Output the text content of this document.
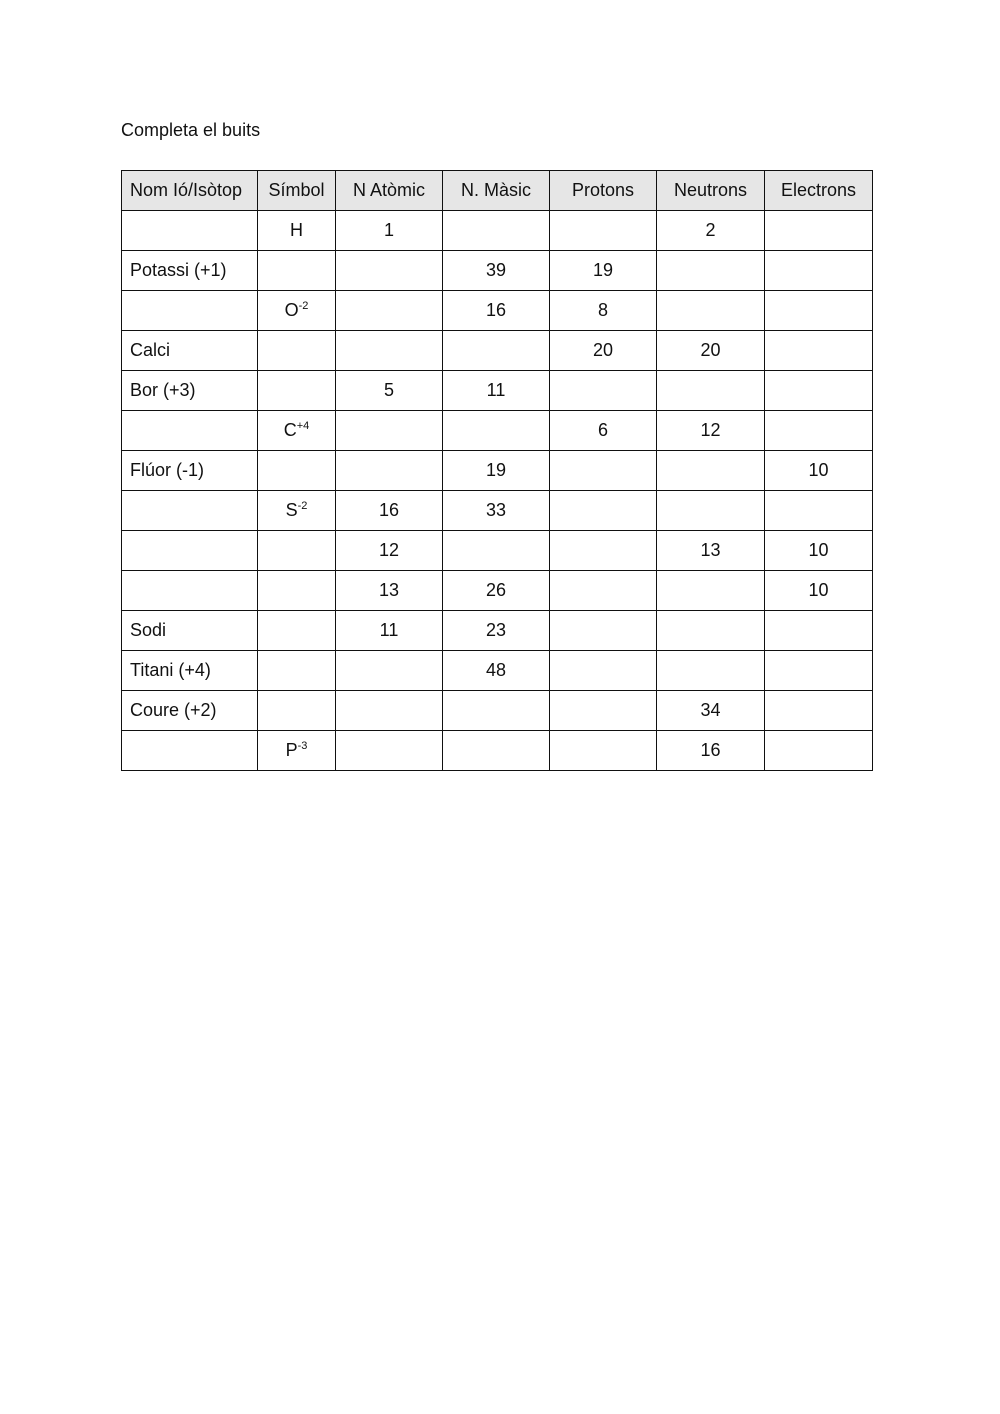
Completa el buits
Nom Ió/Isòtop	Símbol	N Atòmic	N. Màsic	Protons	Neutrons	Electrons
	H	1			2	
Potassi (+1)			39	19		
	$O^{-2}$		16	8		
Calci				20	20	
Bor (+3)		5	11			
	$C^{+4}$			6	12	
Flúor (-1)			19			10
	$S^{-2}$	16	33			
		12			13	10
		13	26			10
Sodi		11	23			
Titani (+4)			48			
Coure (+2)					34	
	$P^{-3}$				16	
